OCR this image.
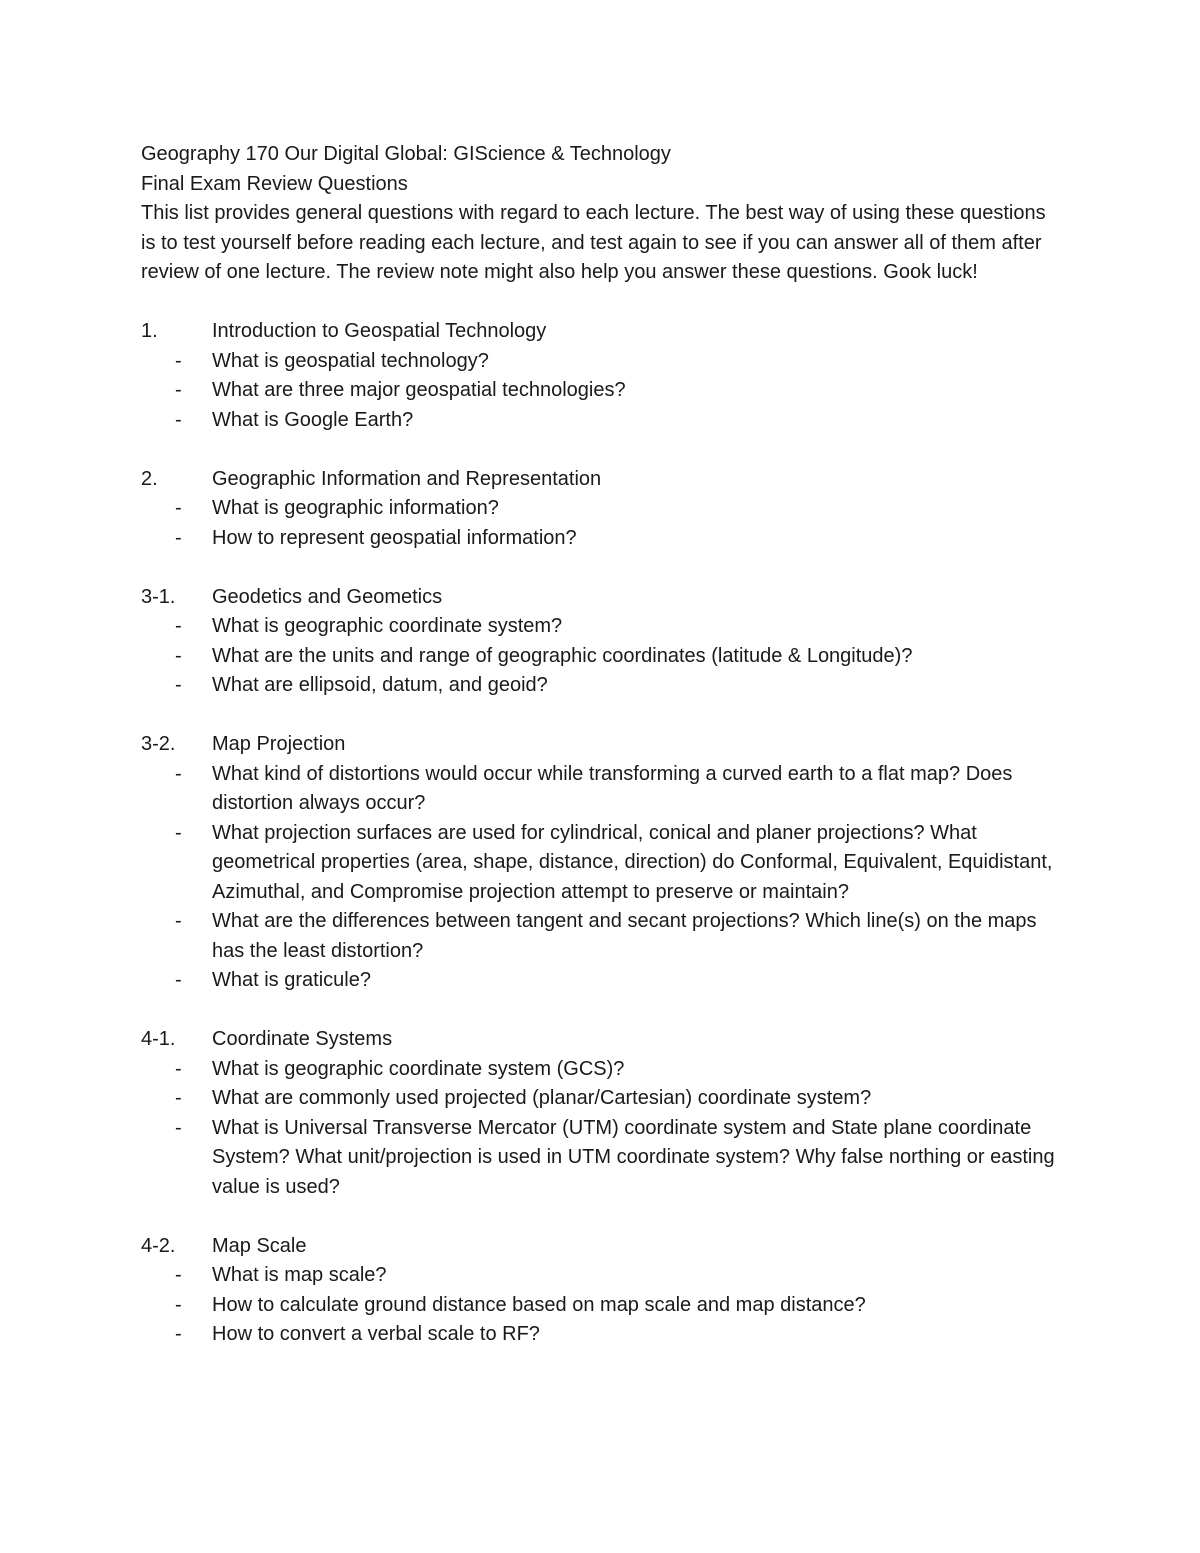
Geography 170 Our Digital Global: GIScience & Technology

Final Exam Review Questions

This list provides general questions with regard to each lecture. The best way of using these questions is to test yourself before reading each lecture, and test again to see if you can answer all of them after review of one lecture. The review note might also help you answer these questions. Gook luck!

1.	Introduction to Geospatial Technology
-	What is geospatial technology?
-	What are three major geospatial technologies?
-	What is Google Earth?
2.	Geographic Information and Representation
-	What is geographic information?
-	How to represent geospatial information?
3-1.	Geodetics and Geometics
-	What is geographic coordinate system?
-	What are the units and range of geographic coordinates (latitude & Longitude)?
-	What are ellipsoid, datum, and geoid?
3-2.	Map Projection
-	What kind of distortions would occur while transforming a curved earth to a flat map? Does distortion always occur?
-	What projection surfaces are used for cylindrical, conical and planer projections? What geometrical properties (area, shape, distance, direction) do Conformal, Equivalent, Equidistant, Azimuthal, and Compromise projection attempt to preserve or maintain?
-	What are the differences between tangent and secant projections? Which line(s) on the maps has the least distortion?
-	What is graticule?
4-1.	Coordinate Systems
-	What is geographic coordinate system (GCS)?
-	What are commonly used projected (planar/Cartesian) coordinate system?
-	What is Universal Transverse Mercator (UTM) coordinate system and State plane coordinate System? What unit/projection is used in UTM coordinate system? Why false northing or easting value is used?
4-2.	Map Scale
-	What is map scale?
-	How to calculate ground distance based on map scale and map distance?
-	How to convert a verbal scale to RF?
